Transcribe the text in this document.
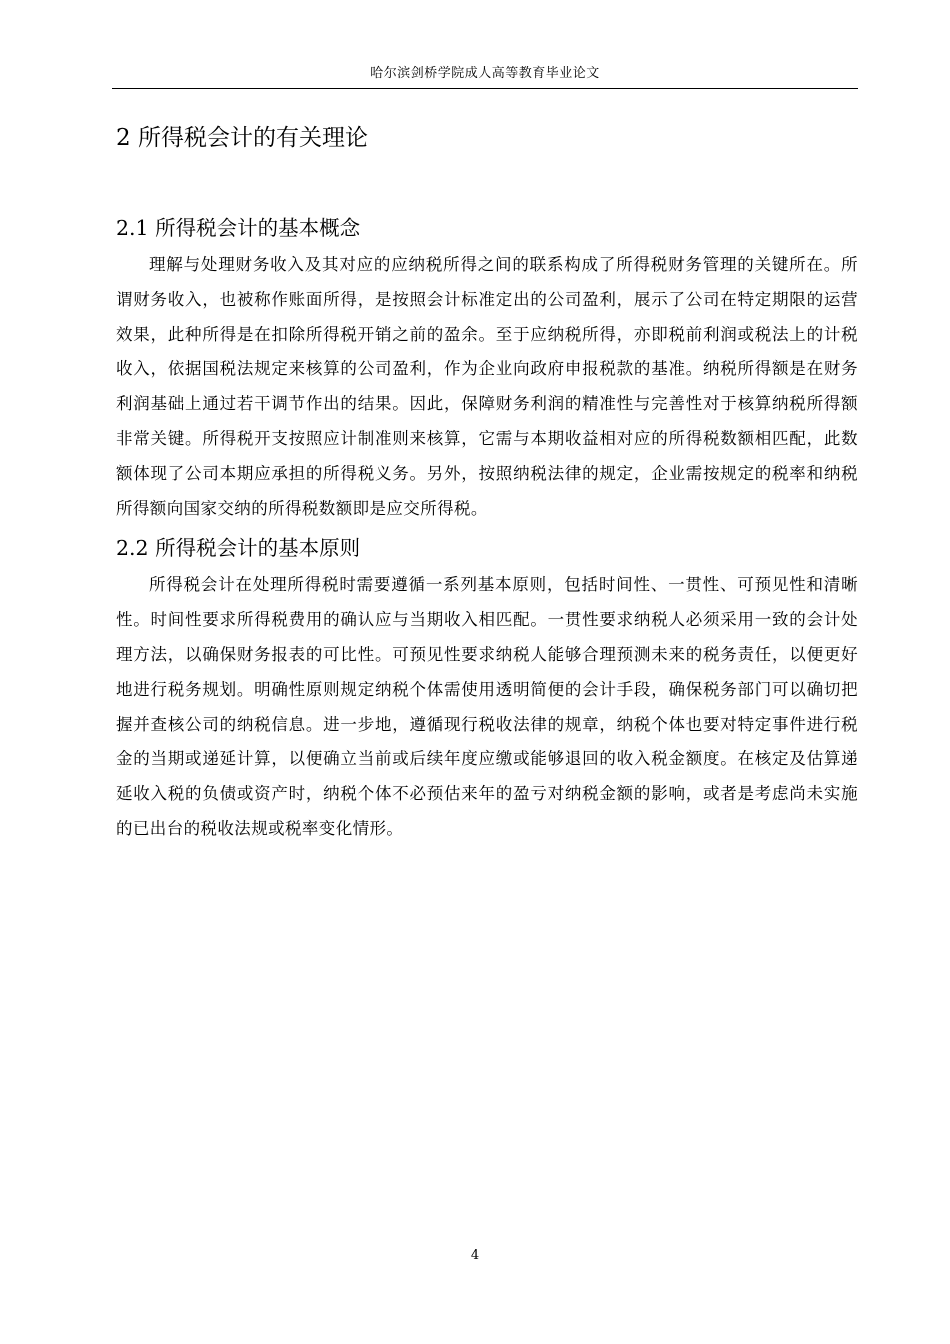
哈尔滨剑桥学院成人高等教育毕业论文
2 所得税会计的有关理论
2.1 所得税会计的基本概念

理解与处理财务收入及其对应的应纳税所得之间的联系构成了所得税财务管理的关键所在。所谓财务收入，也被称作账面所得，是按照会计标准定出的公司盈利，展示了公司在特定期限的运营效果，此种所得是在扣除所得税开销之前的盈余。至于应纳税所得，亦即税前利润或税法上的计税收入，依据国税法规定来核算的公司盈利，作为企业向政府申报税款的基准。纳税所得额是在财务利润基础上通过若干调节作出的结果。因此，保障财务利润的精准性与完善性对于核算纳税所得额非常关键。所得税开支按照应计制准则来核算，它需与本期收益相对应的所得税数额相匹配，此数额体现了公司本期应承担的所得税义务。另外，按照纳税法律的规定，企业需按规定的税率和纳税所得额向国家交纳的所得税数额即是应交所得税。

2.2 所得税会计的基本原则

所得税会计在处理所得税时需要遵循一系列基本原则，包括时间性、一贯性、可预见性和清晰性。时间性要求所得税费用的确认应与当期收入相匹配。一贯性要求纳税人必须采用一致的会计处理方法，以确保财务报表的可比性。可预见性要求纳税人能够合理预测未来的税务责任，以便更好地进行税务规划。明确性原则规定纳税个体需使用透明简便的会计手段，确保税务部门可以确切把握并查核公司的纳税信息。进一步地，遵循现行税收法律的规章，纳税个体也要对特定事件进行税金的当期或递延计算，以便确立当前或后续年度应缴或能够退回的收入税金额度。在核定及估算递延收入税的负债或资产时，纳税个体不必预估来年的盈亏对纳税金额的影响，或者是考虑尚未实施的已出台的税收法规或税率变化情形。

4
